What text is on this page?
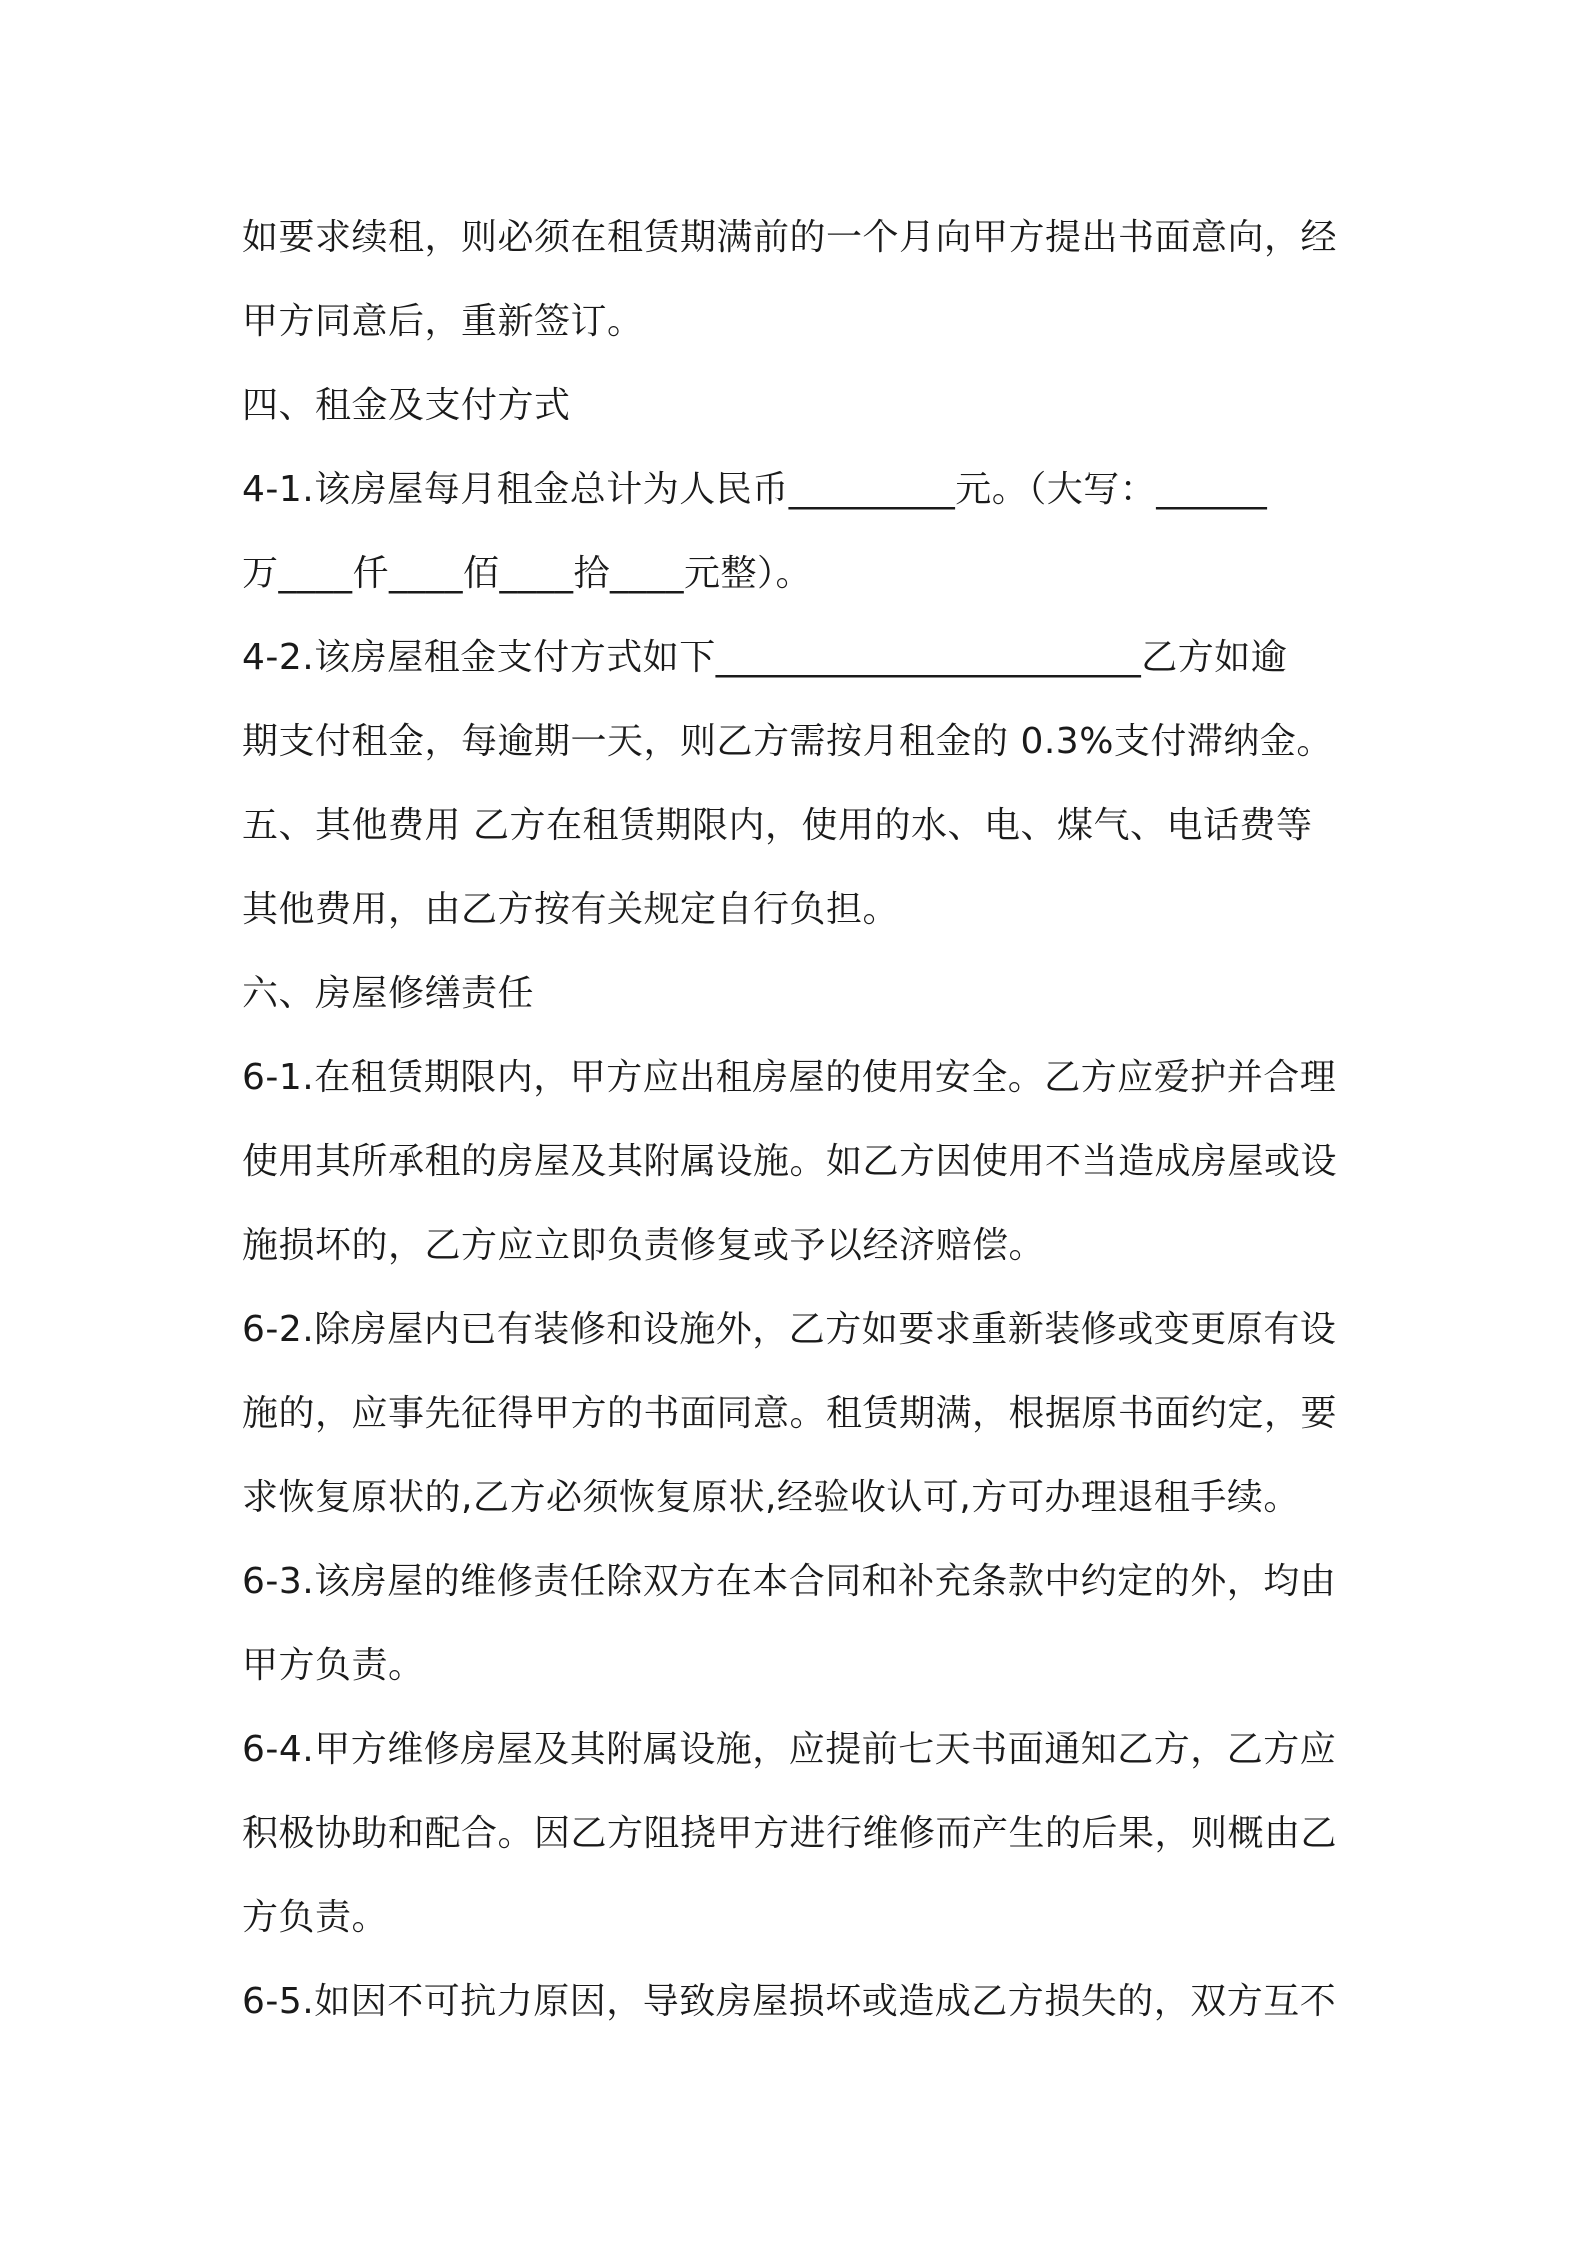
如要求续租，则必须在租赁期满前的一个月向甲方提出书面意向，经
甲方同意后，重新签订。
四、租金及支付方式
4-1.该房屋每月租金总计为人民币_________元。（大写：______
万____仟____佰____拾____元整）。
4-2.该房屋租金支付方式如下_______________________乙方如逾
期支付租金，每逾期一天，则乙方需按月租金的 0.3%支付滞纳金。
五、其他费用 乙方在租赁期限内，使用的水、电、煤气、电话费等
其他费用，由乙方按有关规定自行负担。
六、房屋修缮责任
6-1.在租赁期限内，甲方应出租房屋的使用安全。乙方应爱护并合理
使用其所承租的房屋及其附属设施。如乙方因使用不当造成房屋或设
施损坏的，乙方应立即负责修复或予以经济赔偿。
6-2.除房屋内已有装修和设施外，乙方如要求重新装修或变更原有设
施的，应事先征得甲方的书面同意。租赁期满，根据原书面约定，要
求恢复原状的,乙方必须恢复原状,经验收认可,方可办理退租手续。
6-3.该房屋的维修责任除双方在本合同和补充条款中约定的外，均由
甲方负责。
6-4.甲方维修房屋及其附属设施，应提前七天书面通知乙方，乙方应
积极协助和配合。因乙方阻挠甲方进行维修而产生的后果，则概由乙
方负责。
6-5.如因不可抗力原因，导致房屋损坏或造成乙方损失的，双方互不
